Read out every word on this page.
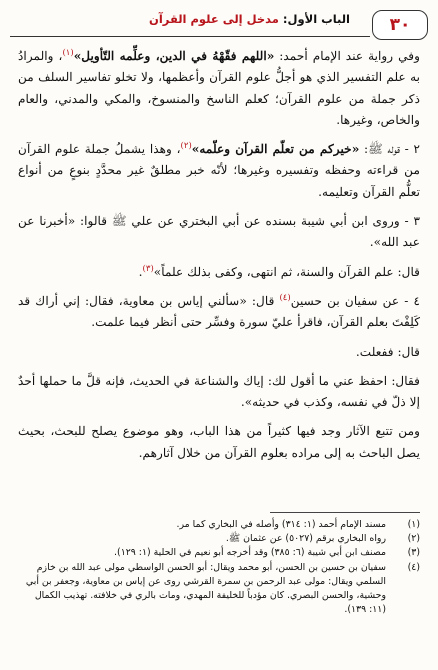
٣٠
الباب الأول: مدخل إلى علوم القرآن

وفي رواية عند الإمام أحمد: «اللهم فقّهْهُ في الدين، وعلِّمه التّأويل»$^{(١)}$، والمرادُ به علم التفسير الذي هو أجلُّ علوم القرآن وأعظمها، ولا تخلو تفاسير السلف من ذكر جملة من علوم القرآن؛ كعلم الناسخ والمنسوخ، والمكي والمدني، والعام والخاص، وغيرها.

٢ - قوله ﷺ: «خيركم من تعلّم القرآن وعلّمه»$^{(٢)}$، وهذا يشملُ جملة علوم القرآن من قراءته وحفظه وتفسيره وغيرها؛ لأنّه خبر مطلقٌ غير محدَّدٍ بنوعٍ من أنواع تعلُّم القرآن وتعليمه.

٣ - وروى ابن أبي شيبة بسنده عن أبي البختري عن علي ﷺ قالوا: «أخبرنا عن عبد الله».

قال: علم القرآن والسنة، ثم انتهى، وكفى بذلك علماً»$^{(٣)}$.

٤ - عن سفيان بن حسين$^{(٤)}$ قال: «سألني إياس بن معاوية، فقال: إني أراك قد كَلِفْتَ بعلم القرآن، فاقرأ عليّ سورة وفسِّر حتى أنظر فيما علمت.

قال: ففعلت.

فقال: احفظ عني ما أقول لك: إياك والشناعة في الحديث، فإنه قلَّ ما حملها أحدٌ إلا ذلّ في نفسه، وكذب في حديثه».

ومن تتبع الآثار وجد فيها كثيراً من هذا الباب، وهو موضوع يصلح للبحث، بحيث يصل الباحث به إلى مراده بعلوم القرآن من خلال آثارهم.

(١)
مسند الإمام أحمد (١: ٣١٤) وأصله في البخاري كما مر.
(٢)
رواه البخاري برقم (٥٠٢٧) عن عثمان ﷺ.
(٣)
مصنف ابن أبي شيبة (٦: ٣٨٥) وقد أخرجه أبو نعيم في الحلية (١: ١٢٩).
(٤)
سفيان بن حسين بن الحسن، أبو محمد ويقال: أبو الحسن الواسطي مولى عبد الله بن خازم السلمي ويقال: مولى عبد الرحمن بن سمرة القرشي روى عن إياس بن معاوية، وجعفر بن أبي وحشية، والحسن البصري. كان مؤدباً للخليفة المهدي، ومات بالري في خلافته. تهذيب الكمال (١١: ١٣٩).
